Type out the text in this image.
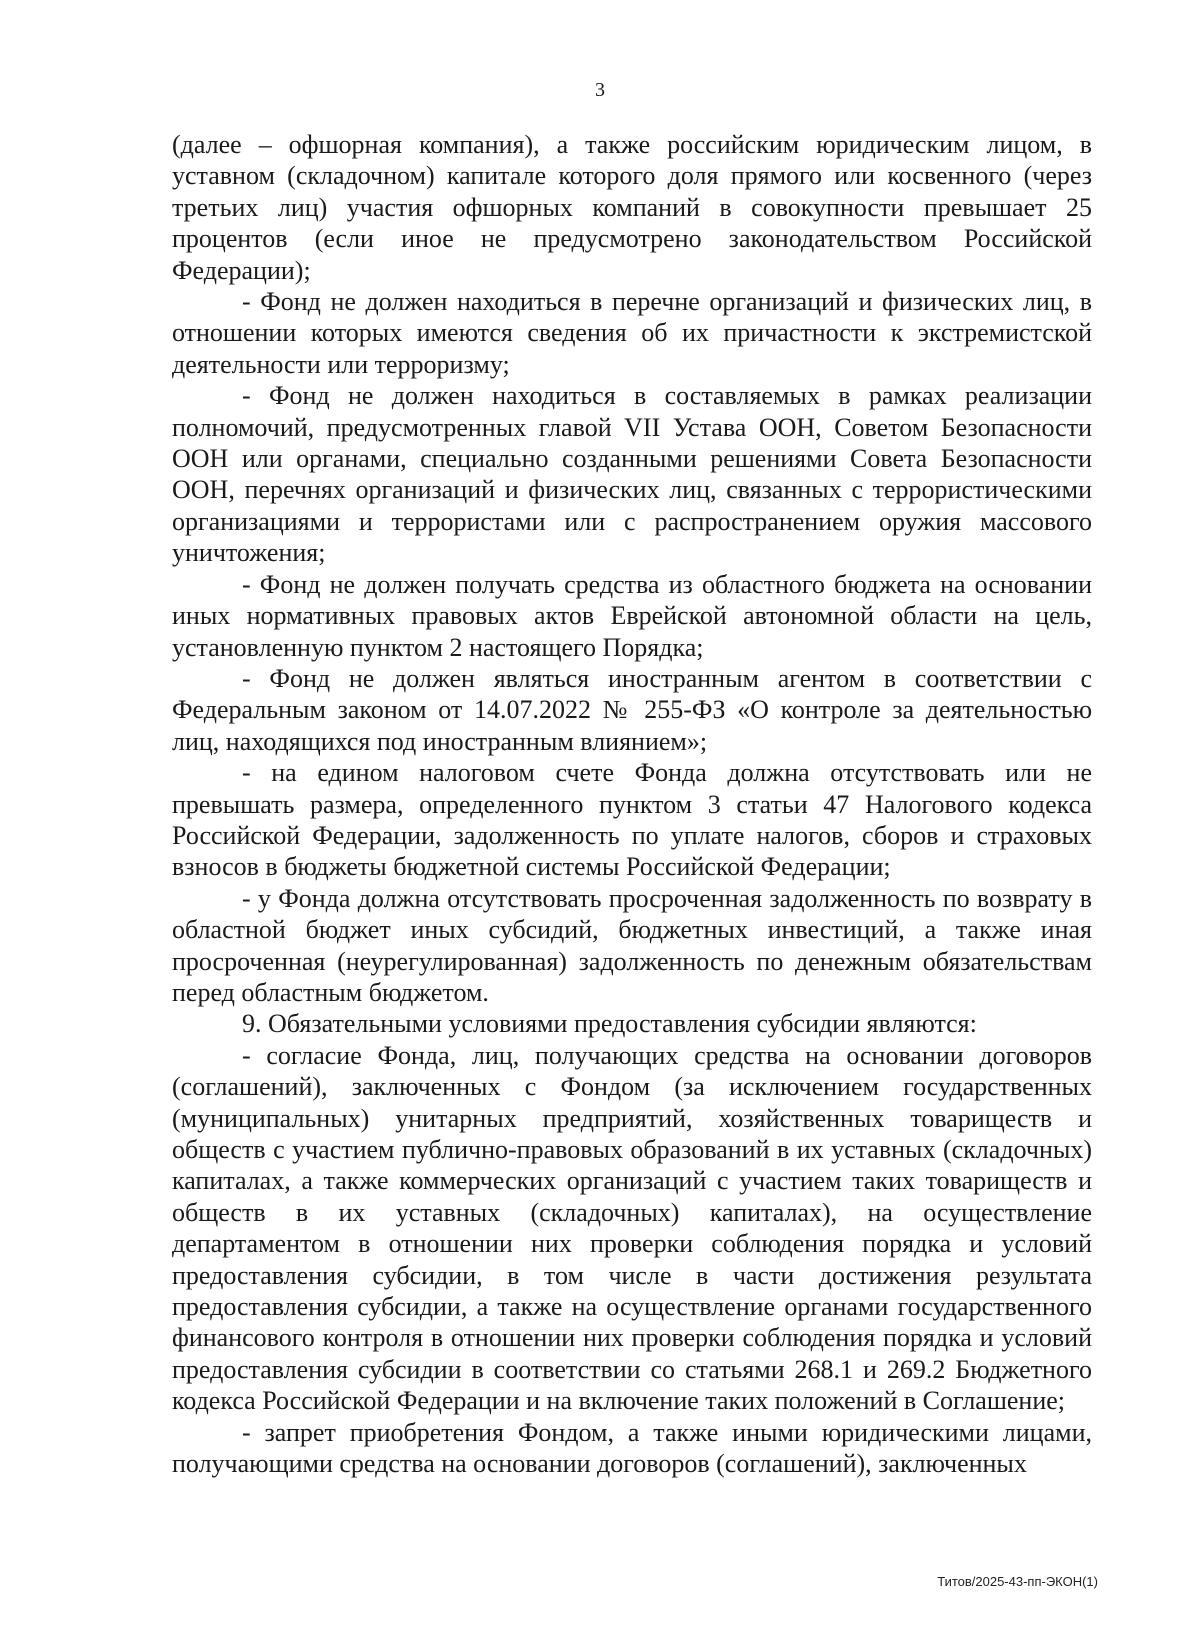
3

(далее – офшорная компания), а также российским юридическим лицом, в уставном (складочном) капитале которого доля прямого или косвенного (через третьих лиц) участия офшорных компаний в совокупности превышает 25 процентов (если иное не предусмотрено законодательством Российской Федерации);

- Фонд не должен находиться в перечне организаций и физических лиц, в отношении которых имеются сведения об их причастности к экстремистской деятельности или терроризму;

- Фонд не должен находиться в составляемых в рамках реализации полномочий, предусмотренных главой VII Устава ООН, Советом Безопасности ООН или органами, специально созданными решениями Совета Безопасности ООН, перечнях организаций и физических лиц, связанных с террористическими организациями и террористами или с распространением оружия массового уничтожения;

- Фонд не должен получать средства из областного бюджета на основании иных нормативных правовых актов Еврейской автономной области на цель, установленную пунктом 2 настоящего Порядка;

- Фонд не должен являться иностранным агентом в соответствии с Федеральным законом от 14.07.2022 № 255-ФЗ «О контроле за деятельностью лиц, находящихся под иностранным влиянием»;

- на едином налоговом счете Фонда должна отсутствовать или не превышать размера, определенного пунктом 3 статьи 47 Налогового кодекса Российской Федерации, задолженность по уплате налогов, сборов и страховых взносов в бюджеты бюджетной системы Российской Федерации;

- у Фонда должна отсутствовать просроченная задолженность по возврату в областной бюджет иных субсидий, бюджетных инвестиций, а также иная просроченная (неурегулированная) задолженность по денежным обязательствам перед областным бюджетом.

9. Обязательными условиями предоставления субсидии являются:

- согласие Фонда, лиц, получающих средства на основании договоров (соглашений), заключенных с Фондом (за исключением государственных (муниципальных) унитарных предприятий, хозяйственных товариществ и обществ с участием публично-правовых образований в их уставных (складочных) капиталах, а также коммерческих организаций с участием таких товариществ и обществ в их уставных (складочных) капиталах), на осуществление департаментом в отношении них проверки соблюдения порядка и условий предоставления субсидии, в том числе в части достижения результата предоставления субсидии, а также на осуществление органами государственного финансового контроля в отношении них проверки соблюдения порядка и условий предоставления субсидии в соответствии со статьями 268.1 и 269.2 Бюджетного кодекса Российской Федерации и на включение таких положений в Соглашение;

- запрет приобретения Фондом, а также иными юридическими лицами, получающими средства на основании договоров (соглашений), заключенных

Титов/2025-43-пп-ЭКОН(1)
